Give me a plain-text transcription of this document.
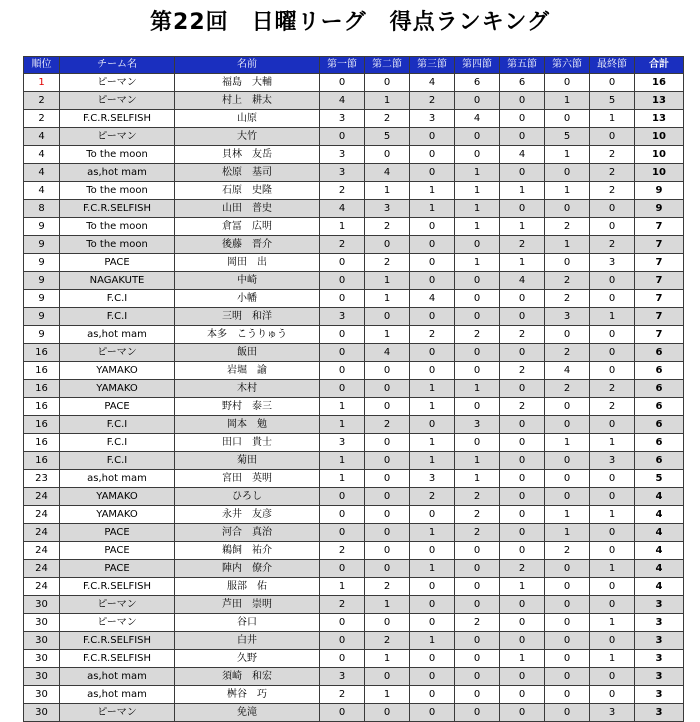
第22回　日曜リーグ　得点ランキング
順位	チーム名	名前	第一節	第二節	第三節	第四節	第五節	第六節	最終節	合計
1	ピーマン	福島　大輔	0	0	4	6	6	0	0	16
2	ピーマン	村上　耕太	4	1	2	0	0	1	5	13
2	F.C.R.SELFISH	山原	3	2	3	4	0	0	1	13
4	ピーマン	大竹	0	5	0	0	0	5	0	10
4	To the moon	貝林　友岳	3	0	0	0	4	1	2	10
4	as,hot mam	松原　基司	3	4	0	1	0	0	2	10
4	To the moon	石原　史隆	2	1	1	1	1	1	2	9
8	F.C.R.SELFISH	山田　普史	4	3	1	1	0	0	0	9
9	To the moon	倉冨　広明	1	2	0	1	1	2	0	7
9	To the moon	後藤　晋介	2	0	0	0	2	1	2	7
9	PACE	岡田　出	0	2	0	1	1	0	3	7
9	NAGAKUTE	中崎	0	1	0	0	4	2	0	7
9	F.C.I	小幡	0	1	4	0	0	2	0	7
9	F.C.I	三明　和洋	3	0	0	0	0	3	1	7
9	as,hot mam	本多　こうりゅう	0	1	2	2	2	0	0	7
16	ピーマン	飯田	0	4	0	0	0	2	0	6
16	YAMAKO	岩堀　諭	0	0	0	0	2	4	0	6
16	YAMAKO	木村	0	0	1	1	0	2	2	6
16	PACE	野村　泰三	1	0	1	0	2	0	2	6
16	F.C.I	岡本　勉	1	2	0	3	0	0	0	6
16	F.C.I	田口　貴士	3	0	1	0	0	1	1	6
16	F.C.I	菊田	1	0	1	1	0	0	3	6
23	as,hot mam	宮田　英明	1	0	3	1	0	0	0	5
24	YAMAKO	ひろし	0	0	2	2	0	0	0	4
24	YAMAKO	永井　友彦	0	0	0	2	0	1	1	4
24	PACE	河合　真治	0	0	1	2	0	1	0	4
24	PACE	鵜飼　祐介	2	0	0	0	0	2	0	4
24	PACE	陣内　僚介	0	0	1	0	2	0	1	4
24	F.C.R.SELFISH	服部　佑	1	2	0	0	1	0	0	4
30	ピーマン	芦田　崇明	2	1	0	0	0	0	0	3
30	ピーマン	谷口	0	0	0	2	0	0	1	3
30	F.C.R.SELFISH	白井	0	2	1	0	0	0	0	3
30	F.C.R.SELFISH	久野	0	1	0	0	1	0	1	3
30	as,hot mam	須崎　和宏	3	0	0	0	0	0	0	3
30	as,hot mam	桝谷　巧	2	1	0	0	0	0	0	3
30	ピーマン	免滝	0	0	0	0	0	0	3	3
